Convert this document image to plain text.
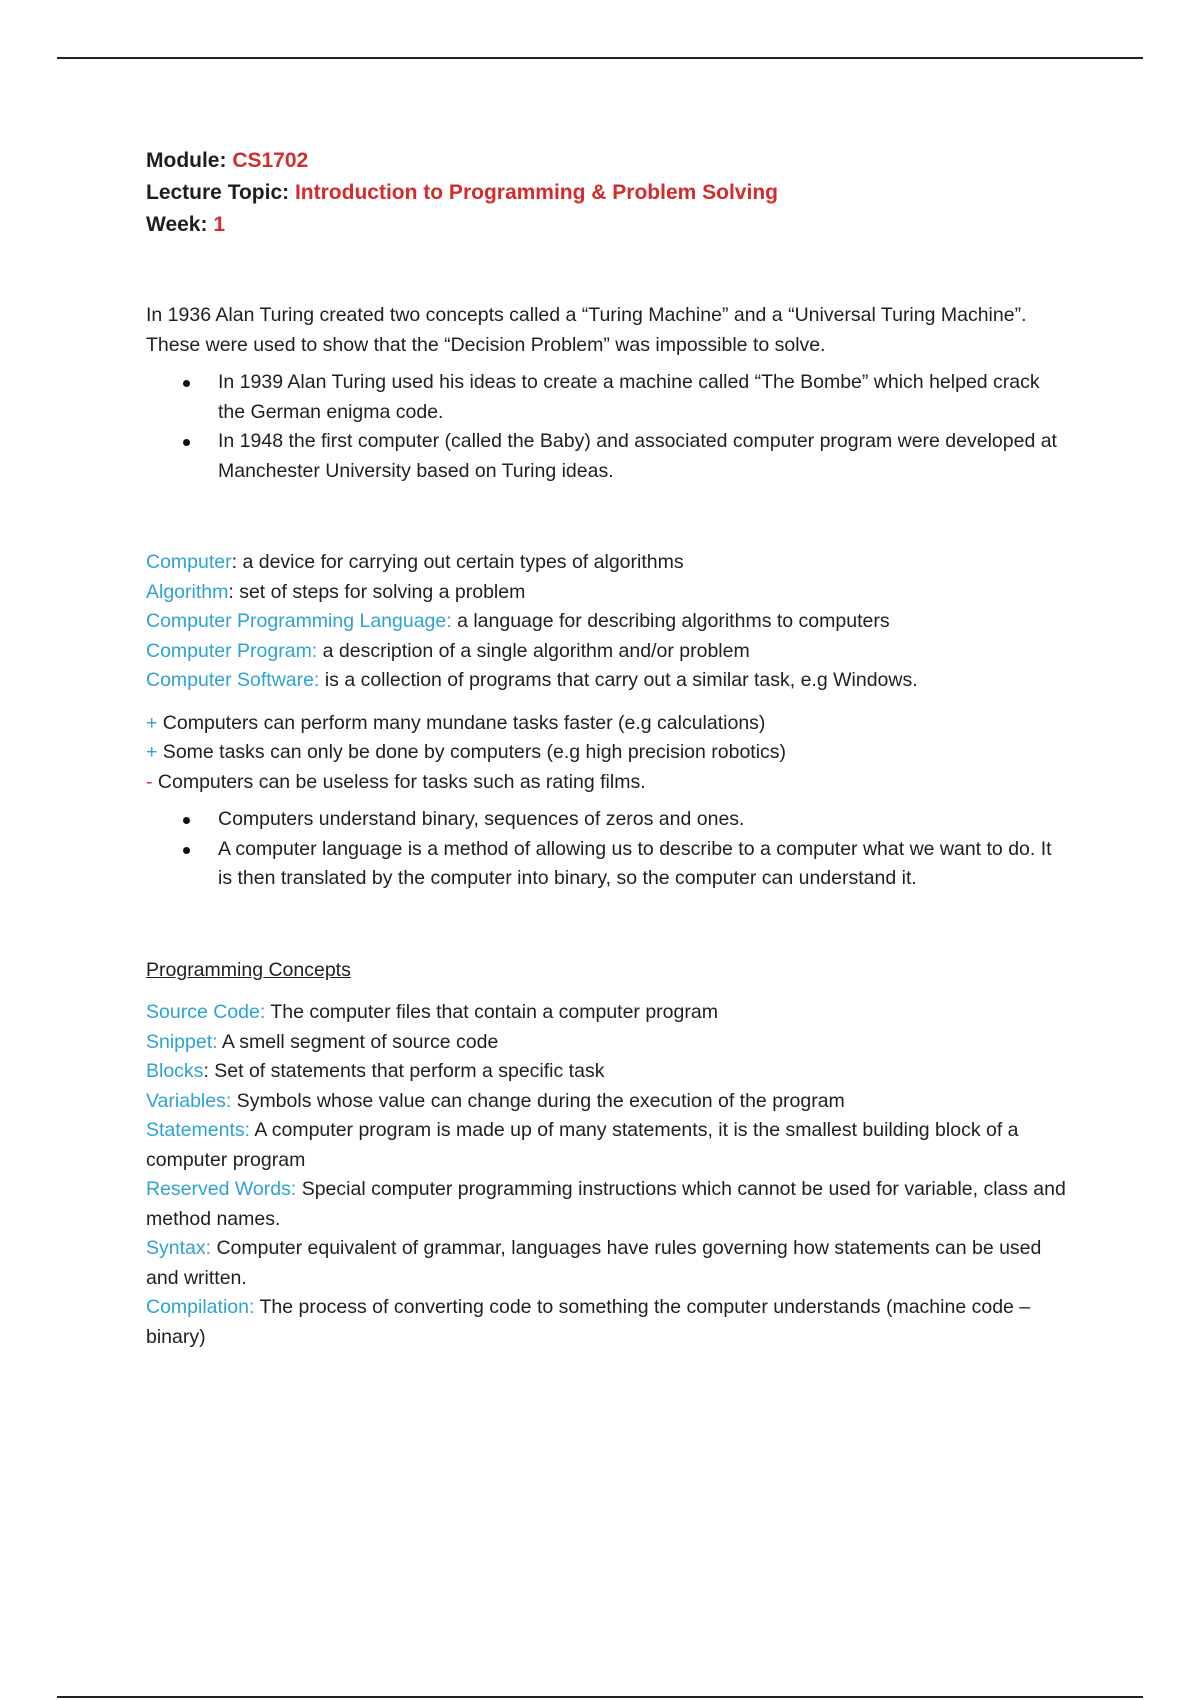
Module: CS1702
Lecture Topic: Introduction to Programming & Problem Solving
Week: 1
In 1936 Alan Turing created two concepts called a “Turing Machine” and a “Universal Turing Machine”. These were used to show that the “Decision Problem” was impossible to solve.
In 1939 Alan Turing used his ideas to create a machine called “The Bombe” which helped crack the German enigma code.
In 1948 the first computer (called the Baby) and associated computer program were developed at Manchester University based on Turing ideas.
Computer: a device for carrying out certain types of algorithms
Algorithm: set of steps for solving a problem
Computer Programming Language: a language for describing algorithms to computers
Computer Program: a description of a single algorithm and/or problem
Computer Software: is a collection of programs that carry out a similar task, e.g Windows.
+ Computers can perform many mundane tasks faster (e.g calculations)
+ Some tasks can only be done by computers (e.g high precision robotics)
- Computers can be useless for tasks such as rating films.
Computers understand binary, sequences of zeros and ones.
A computer language is a method of allowing us to describe to a computer what we want to do. It is then translated by the computer into binary, so the computer can understand it.
Programming Concepts
Source Code: The computer files that contain a computer program
Snippet: A smell segment of source code
Blocks: Set of statements that perform a specific task
Variables: Symbols whose value can change during the execution of the program
Statements: A computer program is made up of many statements, it is the smallest building block of a computer program
Reserved Words: Special computer programming instructions which cannot be used for variable, class and method names.
Syntax: Computer equivalent of grammar, languages have rules governing how statements can be used and written.
Compilation: The process of converting code to something the computer understands (machine code – binary)
